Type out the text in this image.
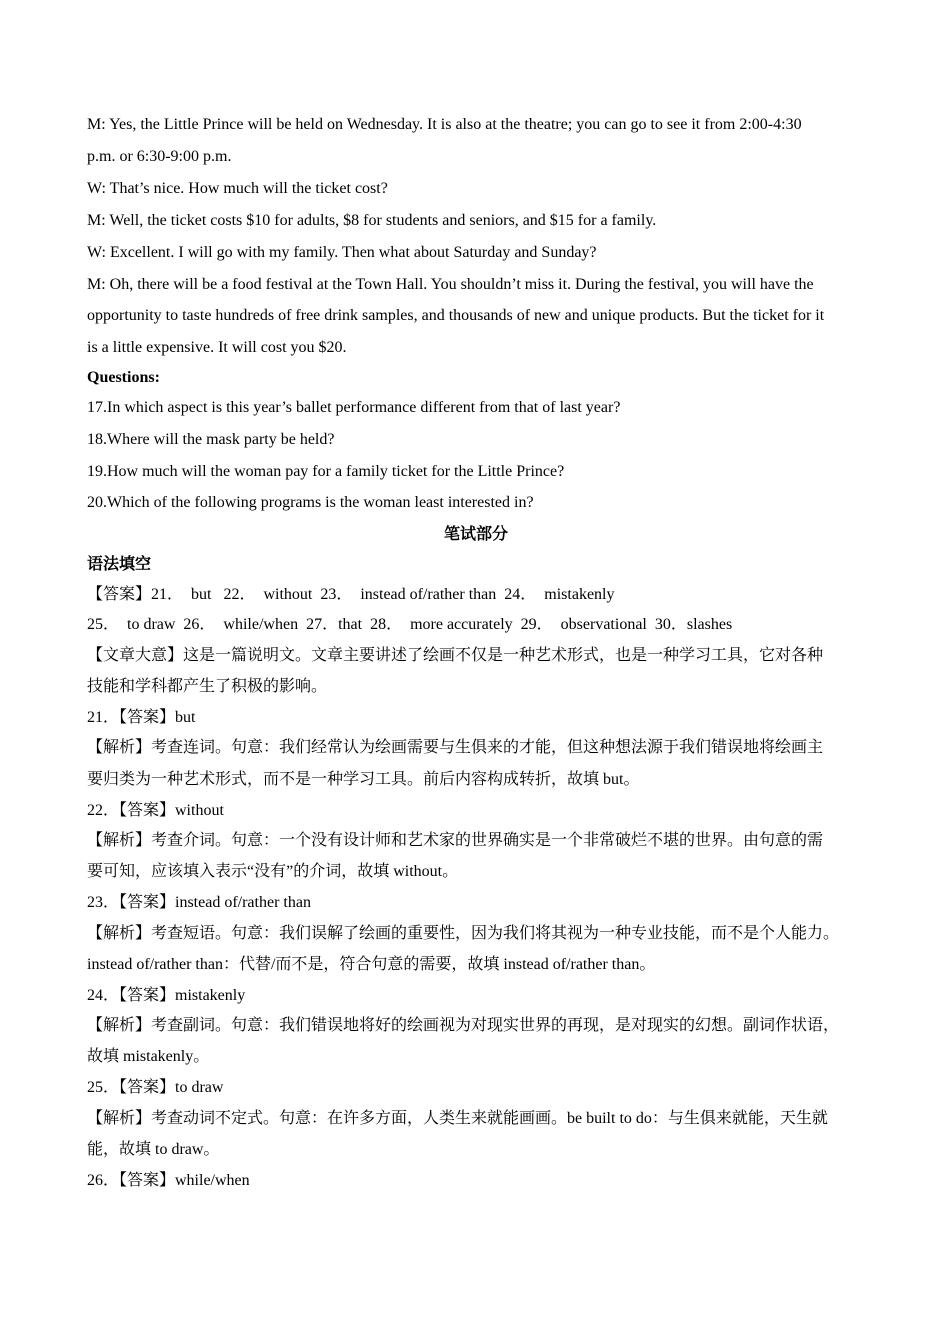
M: Yes, the Little Prince will be held on Wednesday. It is also at the theatre; you can go to see it from 2:00-4:30
p.m. or 6:30-9:00 p.m.
W: That’s nice. How much will the ticket cost?
M: Well, the ticket costs $10 for adults, $8 for students and seniors, and $15 for a family.
W: Excellent. I will go with my family. Then what about Saturday and Sunday?
M: Oh, there will be a food festival at the Town Hall. You shouldn’t miss it. During the festival, you will have the
opportunity to taste hundreds of free drink samples, and thousands of new and unique products. But the ticket for it
is a little expensive. It will cost you $20.
Questions:
17.In which aspect is this year’s ballet performance different from that of last year?
18.Where will the mask party be held?
19.How much will the woman pay for a family ticket for the Little Prince?
20.Which of the following programs is the woman least interested in?
笔试部分
语法填空
【答案】21．  but   22．  without  23．  instead of/rather than  24．  mistakenly
25．  to draw  26．  while/when  27．that  28．  more accurately  29．  observational  30．slashes
【文章大意】这是一篇说明文。文章主要讲述了绘画不仅是一种艺术形式，也是一种学习工具，它对各种
技能和学科都产生了积极的影响。
21．【答案】but
【解析】考查连词。句意：我们经常认为绘画需要与生俱来的才能，但这种想法源于我们错误地将绘画主
要归类为一种艺术形式，而不是一种学习工具。前后内容构成转折，故填 but。
22．【答案】without
【解析】考查介词。句意：一个没有设计师和艺术家的世界确实是一个非常破烂不堪的世界。由句意的需
要可知，应该填入表示“没有”的介词，故填 without。
23．【答案】instead of/rather than
【解析】考查短语。句意：我们误解了绘画的重要性，因为我们将其视为一种专业技能，而不是个人能力。
instead of/rather than：代替/而不是，符合句意的需要，故填 instead of/rather than。
24．【答案】mistakenly
【解析】考查副词。句意：我们错误地将好的绘画视为对现实世界的再现，是对现实的幻想。副词作状语，
故填 mistakenly。
25．【答案】to draw
【解析】考查动词不定式。句意：在许多方面，人类生来就能画画。be built to do：与生俱来就能，天生就
能，故填 to draw。
26．【答案】while/when
